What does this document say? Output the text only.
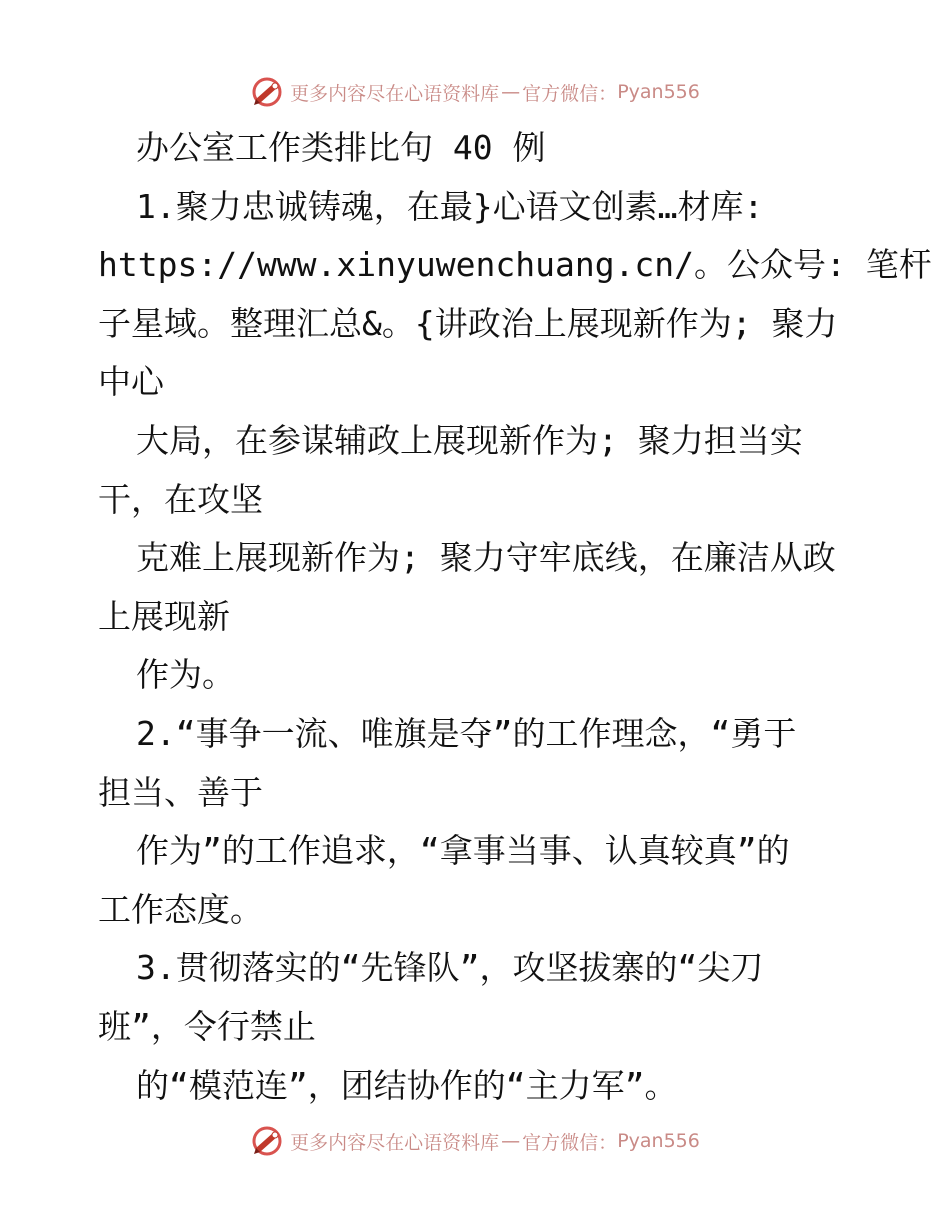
更多内容尽在心语资料库 — 官方微信： Pyan556
办公室工作类排比句 40 例
1.聚力忠诚铸魂，在最}心语文创素…材库:
https://www.xinyuwenchuang.cn/。公众号: 笔杆
子星域。整理汇总&。{讲政治上展现新作为; 聚力
中心
大局，在参谋辅政上展现新作为; 聚力担当实
干，在攻坚
克难上展现新作为; 聚力守牢底线，在廉洁从政
上展现新
作为。
2.“事争一流、唯旗是夺”的工作理念，“勇于
担当、善于
作为”的工作追求，“拿事当事、认真较真”的
工作态度。
3.贯彻落实的“先锋队”，攻坚拔寨的“尖刀
班”，令行禁止
的“模范连”，团结协作的“主力军”。
更多内容尽在心语资料库 — 官方微信： Pyan556
